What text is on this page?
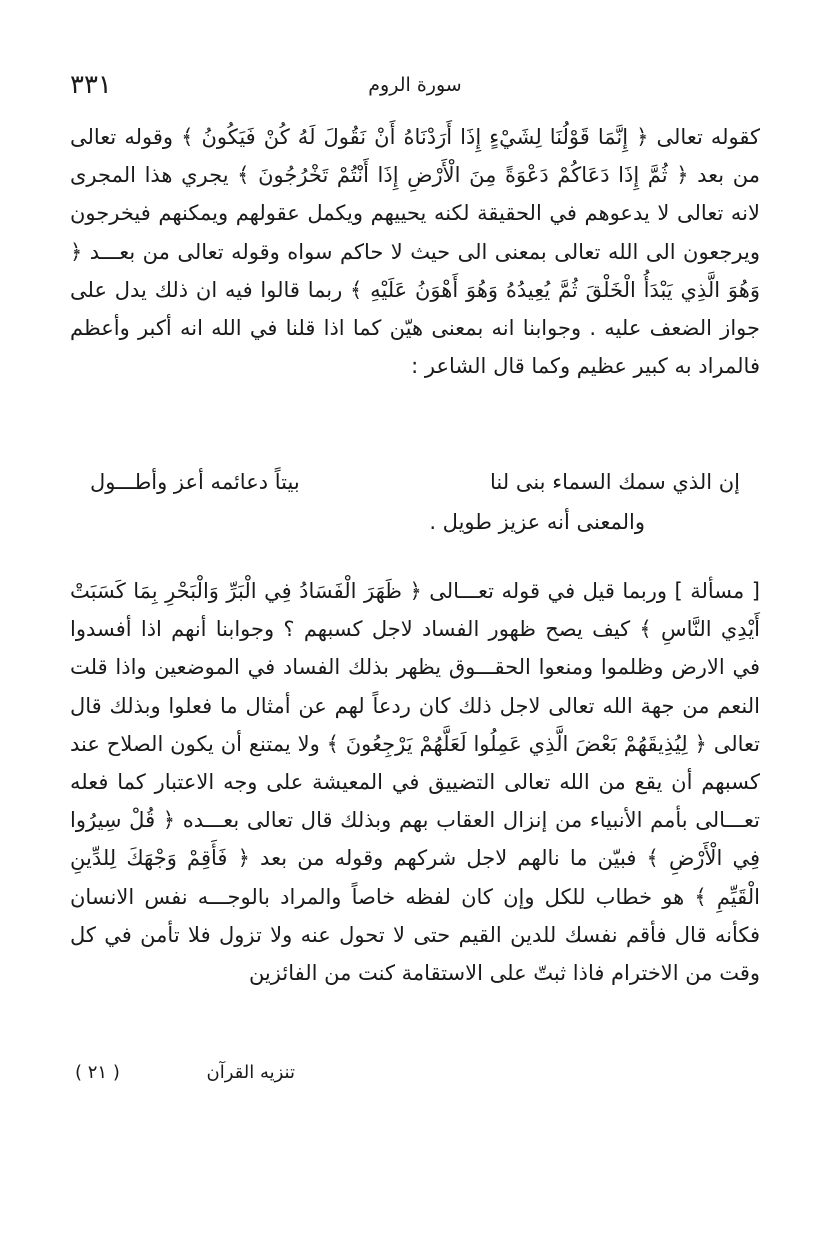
سورة الروم
٣٣١

كقوله تعالى ﴿ إِنَّمَا قَوْلُنَا لِشَيْءٍ إِذَا أَرَدْنَاهُ أَنْ نَقُولَ لَهُ كُنْ فَيَكُونُ ﴾ وقوله تعالى من بعد ﴿ ثُمَّ إِذَا دَعَاكُمْ دَعْوَةً مِنَ الْأَرْضِ إِذَا أَنْتُمْ تَخْرُجُونَ ﴾ يجري هذا المجرى لانه تعالى لا يدعوهم في الحقيقة لكنه يحييهم ويكمل عقولهم ويمكنهم فيخرجون ويرجعون الى الله تعالى بمعنى الى حيث لا حاكم سواه وقوله تعالى من بعـــد ﴿ وَهُوَ الَّذِي يَبْدَأُ الْخَلْقَ ثُمَّ يُعِيدُهُ وَهُوَ أَهْوَنُ عَلَيْهِ ﴾ ربما قالوا فيه ان ذلك يدل على جواز الضعف عليه . وجوابنا انه بمعنى هيّن كما اذا قلنا في الله انه أكبر وأعظم فالمراد به كبير عظيم وكما قال الشاعر :

إن الذي سمك السماء بنى لنا
بيتاً دعائمه أعز وأطـــول
والمعنى أنه عزيز طويل .

[ مسألة ] وربما قيل في قوله تعـــالى ﴿ ظَهَرَ الْفَسَادُ فِي الْبَرِّ وَالْبَحْرِ بِمَا كَسَبَتْ أَيْدِي النَّاسِ ﴾ كيف يصح ظهور الفساد لاجل كسبهم ؟ وجوابنا أنهم اذا أفسدوا في الارض وظلموا ومنعوا الحقـــوق يظهر بذلك الفساد في الموضعين واذا قلت النعم من جهة الله تعالى لاجل ذلك كان ردعاً لهم عن أمثال ما فعلوا وبذلك قال تعالى ﴿ لِيُذِيقَهُمْ بَعْضَ الَّذِي عَمِلُوا لَعَلَّهُمْ يَرْجِعُونَ ﴾ ولا يمتنع أن يكون الصلاح عند كسبهم أن يقع من الله تعالى التضييق في المعيشة على وجه الاعتبار كما فعله تعـــالى بأمم الأنبياء من إنزال العقاب بهم وبذلك قال تعالى بعـــده ﴿ قُلْ سِيرُوا فِي الْأَرْضِ ﴾ فبيّن ما نالهم لاجل شركهم وقوله من بعد ﴿ فَأَقِمْ وَجْهَكَ لِلدِّينِ الْقَيِّمِ ﴾ هو خطاب للكل وإن كان لفظه خاصاً والمراد بالوجـــه نفس الانسان فكأنه قال فأقم نفسك للدين القيم حتى لا تحول عنه ولا تزول فلا تأمن في كل وقت من الاخترام فاذا ثبتّ على الاستقامة كنت من الفائزين

تنزيه القرآن
( ٢١ )
